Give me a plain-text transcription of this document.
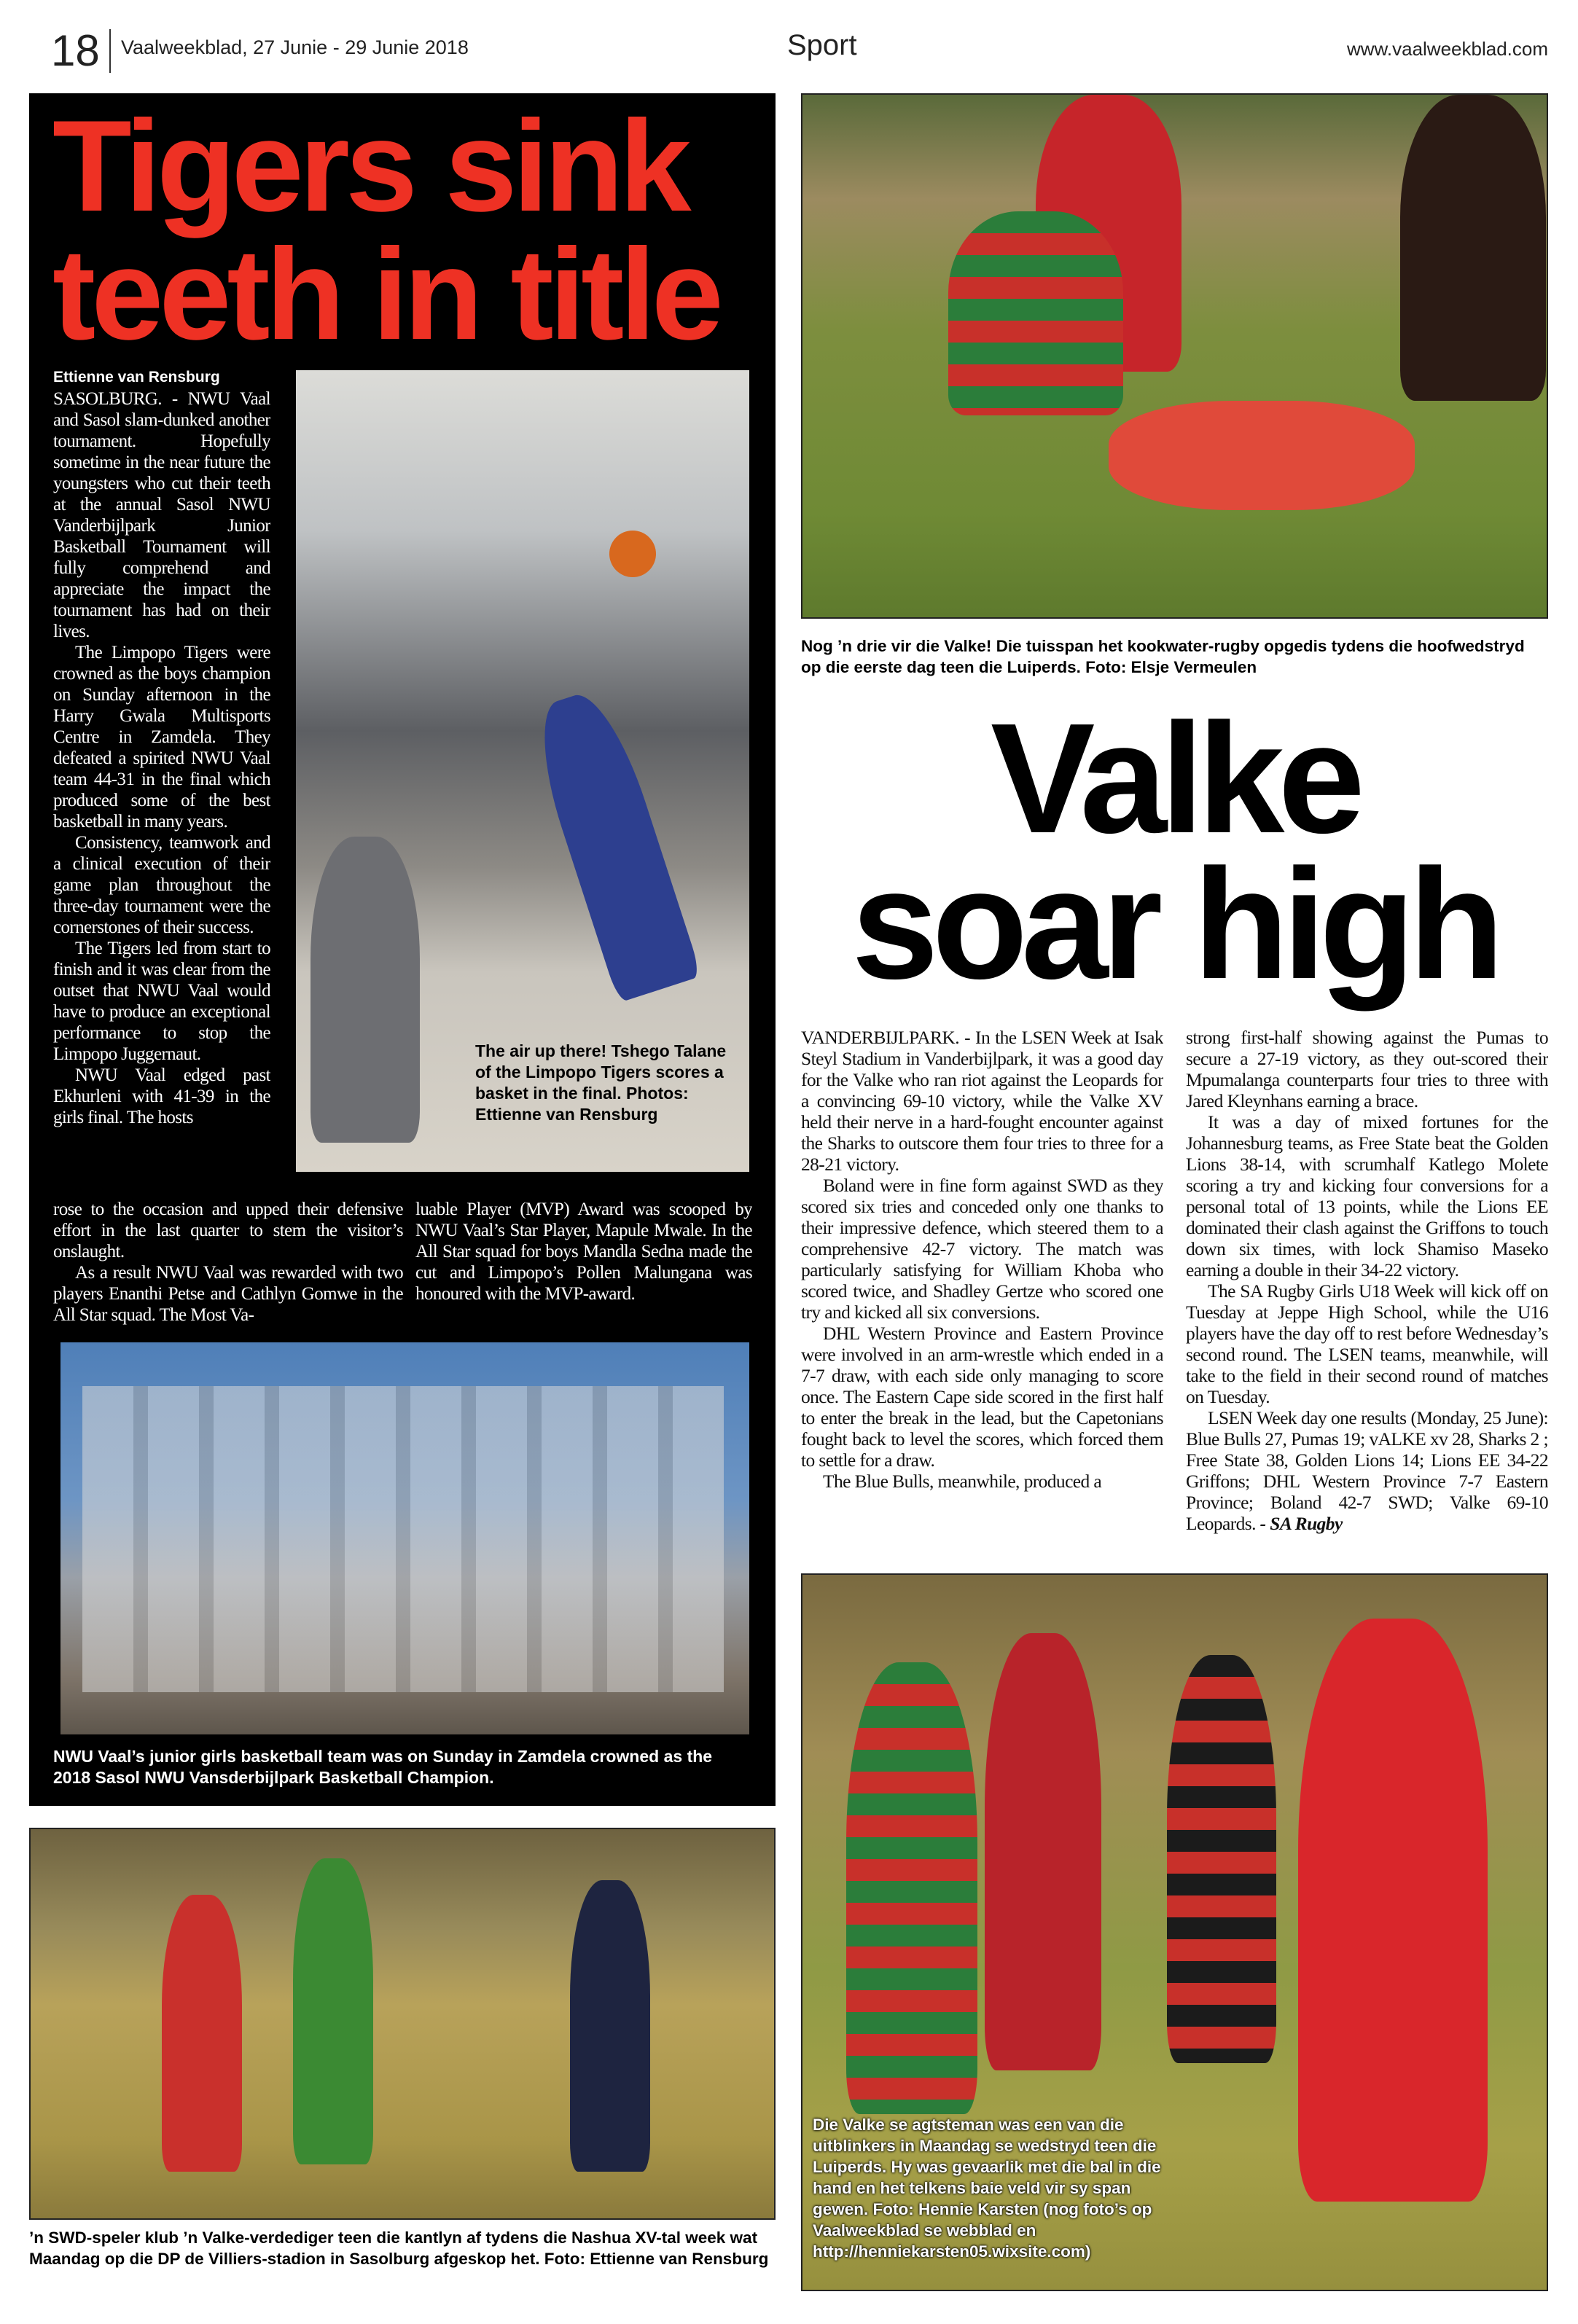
18 Vaalweekblad, 27 Junie - 29 Junie 2018	Sport	www.vaalweekblad.com
Tigers sink
teeth in title
Ettienne van Rensburg

SASOLBURG. - NWU Vaal and Sasol slam-dunked another tournament. Hopefully sometime in the near future the youngsters who cut their teeth at the annual Sasol NWU Vanderbijlpark Junior Basketball Tournament will fully comprehend and appreciate the impact the tournament has had on their lives.

The Limpopo Tigers were crowned as the boys champion on Sunday afternoon in the Harry Gwala Multisports Centre in Zamdela. They defeated a spirited NWU Vaal team 44-31 in the final which produced some of the best basketball in many years.

Consistency, teamwork and a clinical execution of their game plan throughout the three-day tournament were the cornerstones of their success.

The Tigers led from start to finish and it was clear from the outset that NWU Vaal would have to produce an exceptional performance to stop the Limpopo Juggernaut.

NWU Vaal edged past Ekhurleni with 41-39 in the girls final. The hosts

The air up there! Tshego Talane of the Limpopo Tigers scores a basket in the final. Photos: Ettienne van Rensburg

rose to the occasion and upped their defensive effort in the last quarter to stem the visitor’s onslaught.

As a result NWU Vaal was rewarded with two players Enanthi Petse and Cathlyn Gomwe in the All Star squad. The Most Va-

luable Player (MVP) Award was scooped by NWU Vaal’s Star Player, Mapule Mwale. In the All Star squad for boys Mandla Sedna made the cut and Limpopo’s Pollen Malungana was honoured with the MVP-award.

NWU Vaal’s junior girls basketball team was on Sunday in Zamdela crowned as the 2018 Sasol NWU Vansderbijlpark Basketball Champion.
’n SWD-speler klub ’n Valke-verdediger teen die kantlyn af tydens die Nashua XV-tal week wat Maandag op die DP de Villiers-stadion in Sasolburg afgeskop het. Foto: Ettienne van Rensburg
Nog ’n drie vir die Valke! Die tuisspan het kookwater-rugby opgedis tydens die hoofwedstryd op die eerste dag teen die Luiperds. Foto: Elsje Vermeulen
Valke
soar high

VANDERBIJLPARK. - In the LSEN Week at Isak Steyl Stadium in Vanderbijlpark, it was a good day for the Valke who ran riot against the Leopards for a convincing 69-10 victory, while the Valke XV held their nerve in a hard-fought encounter against the Sharks to outscore them four tries to three for a 28-21 victory.

Boland were in fine form against SWD as they scored six tries and conceded only one thanks to their impressive defence, which steered them to a comprehensive 42-7 victory. The match was particularly satisfying for William Khoba who scored twice, and Shadley Gertze who scored one try and kicked all six conversions.

DHL Western Province and Eastern Province were involved in an arm-wrestle which ended in a 7-7 draw, with each side only managing to score once. The Eastern Cape side scored in the first half to enter the break in the lead, but the Capetonians fought back to level the scores, which forced them to settle for a draw.

The Blue Bulls, meanwhile, produced a

strong first-half showing against the Pumas to secure a 27-19 victory, as they out-scored their Mpumalanga counterparts four tries to three with Jared Kleynhans earning a brace.

It was a day of mixed fortunes for the Johannesburg teams, as Free State beat the Golden Lions 38-14, with scrumhalf Katlego Molete scoring a try and kicking four conversions for a personal total of 13 points, while the Lions EE dominated their clash against the Griffons to touch down six times, with lock Shamiso Maseko earning a double in their 34-22 victory.

The SA Rugby Girls U18 Week will kick off on Tuesday at Jeppe High School, while the U16 players have the day off to rest before Wednesday’s second round. The LSEN teams, meanwhile, will take to the field in their second round of matches on Tuesday.

LSEN Week day one results (Monday, 25 June): Blue Bulls 27, Pumas 19; vALKE xv 28, Sharks 2 ; Free State 38, Golden Lions 14; Lions EE 34-22 Griffons; DHL Western Province 7-7 Eastern Province; Boland 42-7 SWD; Valke 69-10 Leopards. - SA Rugby

Die Valke se agtsteman was een van die uitblinkers in Maandag se wedstryd teen die Luiperds. Hy was gevaarlik met die bal in die hand en het telkens baie veld vir sy span gewen. Foto: Hennie Karsten (nog foto’s op Vaalweekblad se webblad en http://henniekarsten05.wixsite.com)
